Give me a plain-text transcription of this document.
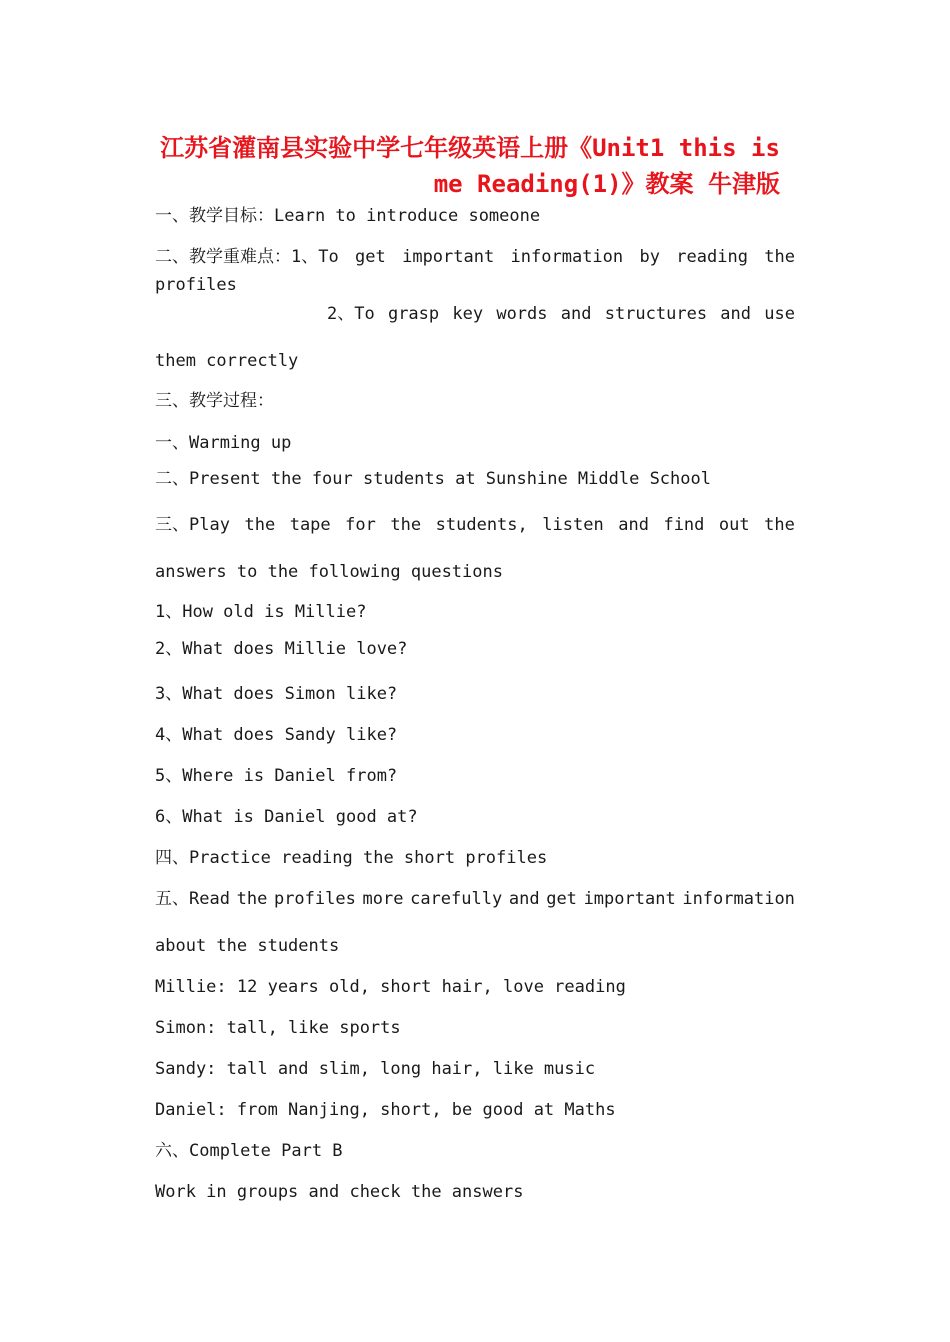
江苏省灌南县实验中学七年级英语上册《Unit1 this is
me Reading(1)》教案 牛津版

一、教学目标：Learn to introduce someone

二、教学重难点：1、To get important information by reading the

profiles

2、To grasp key words and structures and use

them correctly

三、教学过程：

一、Warming up

二、Present the four students at Sunshine Middle School

三、Play the tape for the students, listen and find out the

answers to the following questions

1、How old is Millie?

2、What does Millie love?

3、What does Simon like?

4、What does Sandy like?

5、Where is Daniel from?

6、What is Daniel good at?

四、Practice reading the short profiles

五、Read the profiles more carefully and get important information

about the students

Millie: 12 years old, short hair, love reading

Simon: tall, like sports

Sandy: tall and slim, long hair, like music

Daniel: from Nanjing, short, be good at Maths

六、Complete Part B

Work in groups and check the answers
